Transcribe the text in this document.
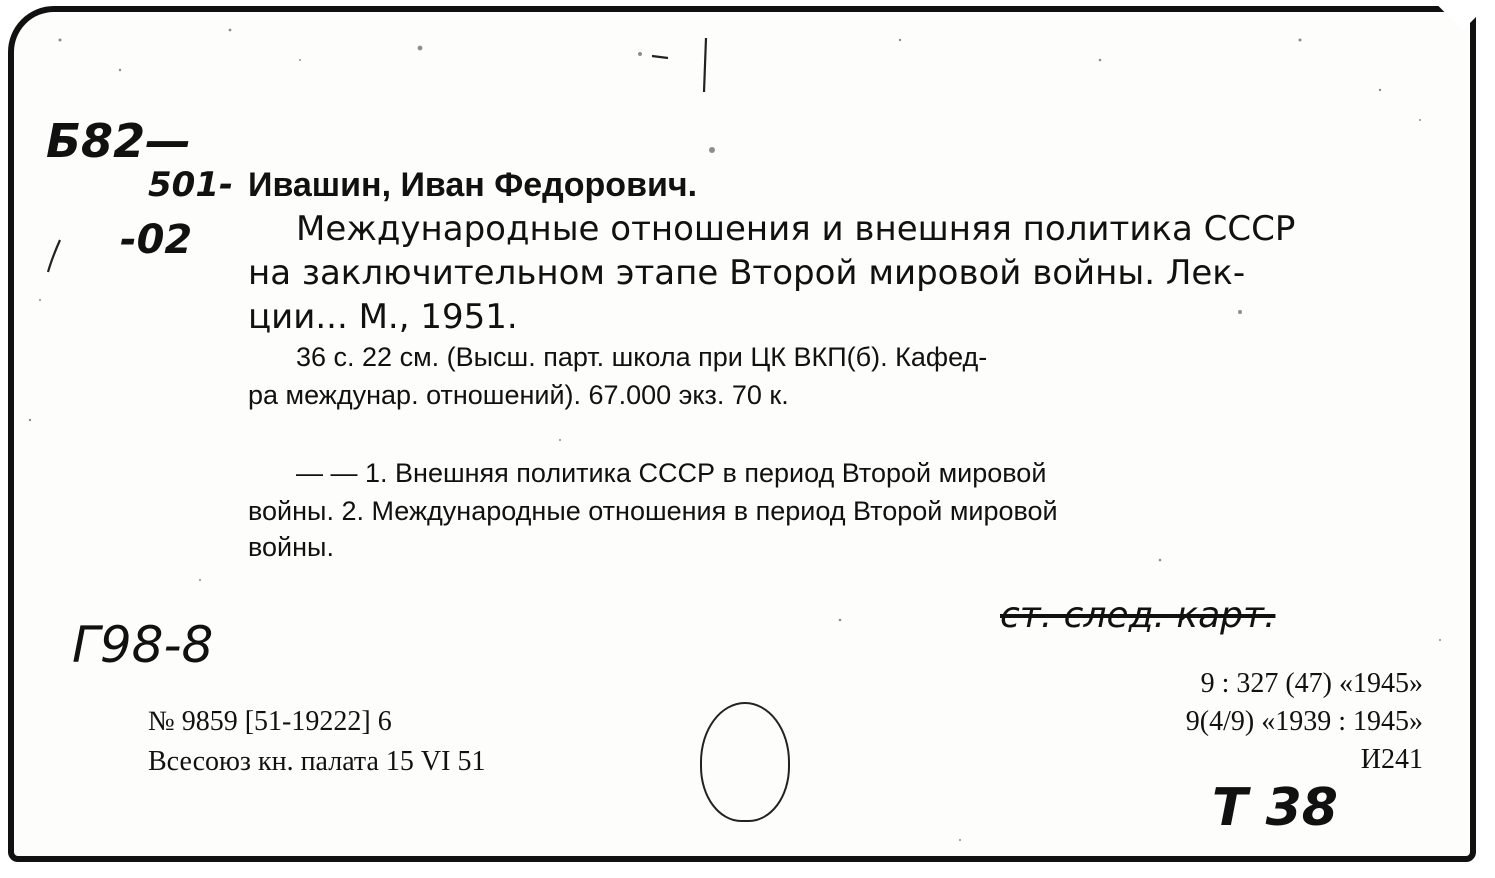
Б82—
501-
-02
Ивашин, Иван Федорович.
Международные отношения и внешняя политика СССР
на заключительном этапе Второй мировой войны. Лек-
ции... М., 1951.
36 с. 22 см. (Высш. парт. школа при ЦК ВКП(б). Кафед-
ра междунар. отношений). 67.000 экз. 70 к.
— — 1. Внешняя политика СССР в период Второй мировой
войны. 2. Международные отношения в период Второй мировой
войны.
Г98-8
ст. след. карт.
№ 9859 [51-19222] 6
Всесоюз кн. палата 15 VI 51
9 : 327 (47) «1945»
9(4/9) «1939 : 1945»
И241
Т 38
